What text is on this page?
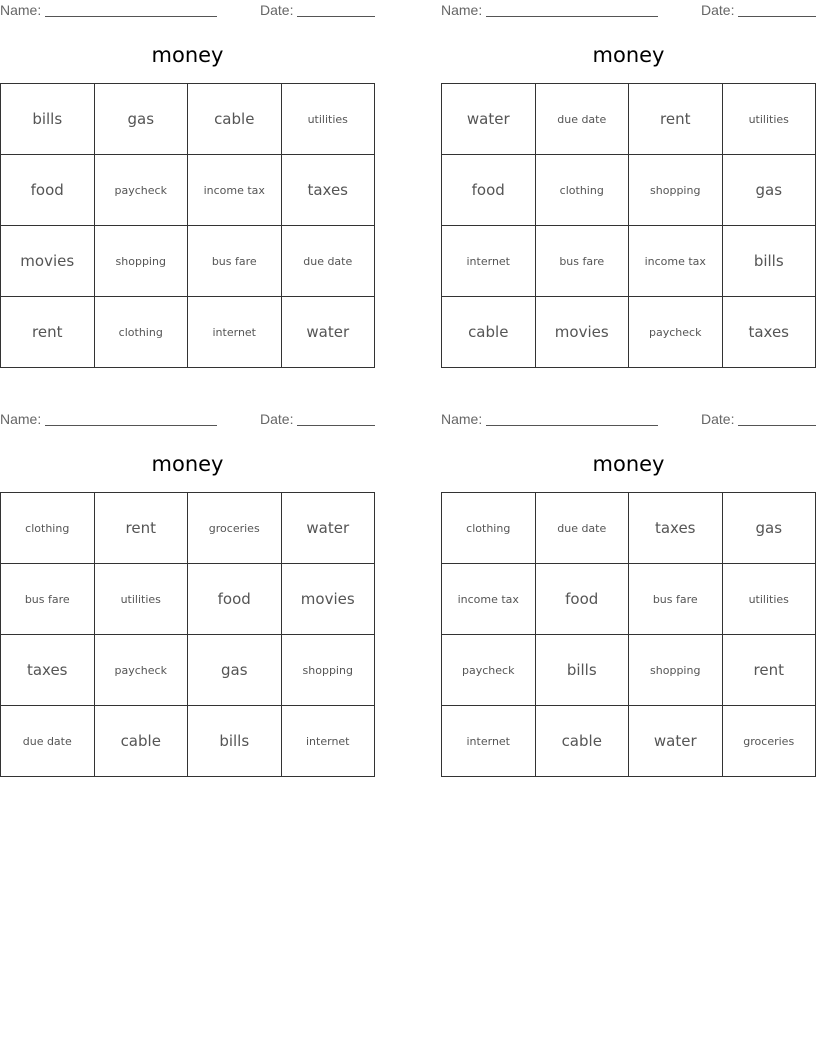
Name:	Date:
money
bills	gas	cable	utilities
food	paycheck	income tax	taxes
movies	shopping	bus fare	due date
rent	clothing	internet	water
Name:	Date:
money
water	due date	rent	utilities
food	clothing	shopping	gas
internet	bus fare	income tax	bills
cable	movies	paycheck	taxes
Name:	Date:
money
clothing	rent	groceries	water
bus fare	utilities	food	movies
taxes	paycheck	gas	shopping
due date	cable	bills	internet
Name:	Date:
money
clothing	due date	taxes	gas
income tax	food	bus fare	utilities
paycheck	bills	shopping	rent
internet	cable	water	groceries
